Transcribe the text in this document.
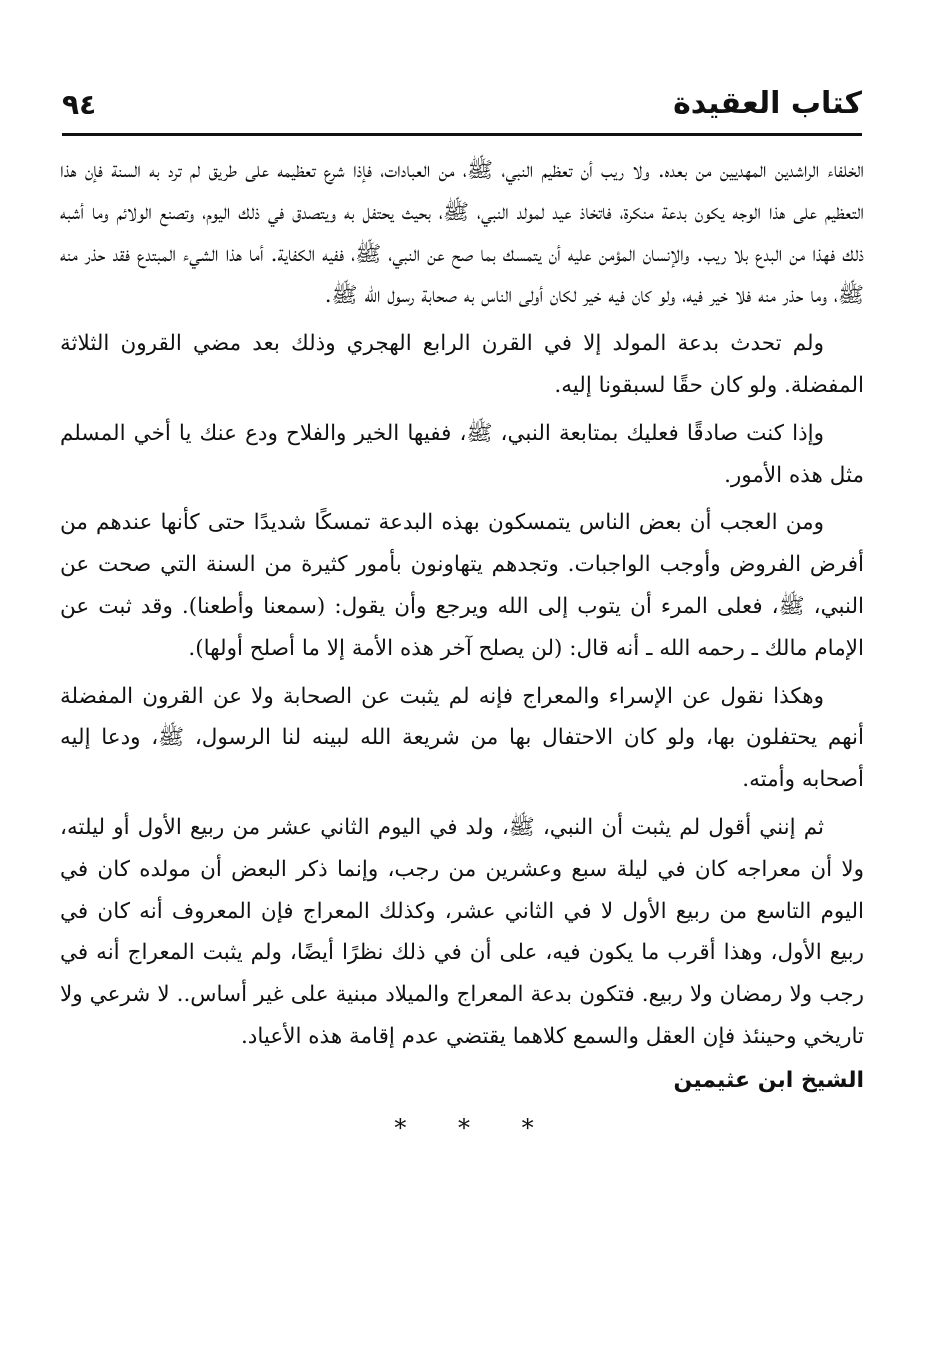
كتاب العقيدة
٩٤

الخلفاء الراشدين المهديين من بعده. ولا ريب أن تعظيم النبي، ﷺ، من العبادات، فإذا شرع تعظيمه على طريق لم ترد به السنة فإن هذا التعظيم على هذا الوجه يكون بدعة منكرة، فاتخاذ عيد لمولد النبي، ﷺ، بحيث يحتفل به ويتصدق في ذلك اليوم، وتصنع الولائم وما أشبه ذلك فهذا من البدع بلا ريب. والإنسان المؤمن عليه أن يتمسك بما صح عن النبي، ﷺ، ففيه الكفاية. أما هذا الشيء المبتدع فقد حذر منه ﷺ، وما حذر منه فلا خير فيه، ولو كان فيه خير لكان أولى الناس به صحابة رسول الله ﷺ.

ولم تحدث بدعة المولد إلا في القرن الرابع الهجري وذلك بعد مضي القرون الثلاثة المفضلة. ولو كان حقًا لسبقونا إليه.

وإذا كنت صادقًا فعليك بمتابعة النبي، ﷺ، ففيها الخير والفلاح ودع عنك يا أخي المسلم مثل هذه الأمور.

ومن العجب أن بعض الناس يتمسكون بهذه البدعة تمسكًا شديدًا حتى كأنها عندهم من أفرض الفروض وأوجب الواجبات. وتجدهم يتهاونون بأمور كثيرة من السنة التي صحت عن النبي، ﷺ، فعلى المرء أن يتوب إلى الله ويرجع وأن يقول: (سمعنا وأطعنا). وقد ثبت عن الإمام مالك ـ رحمه الله ـ أنه قال: (لن يصلح آخر هذه الأمة إلا ما أصلح أولها).

وهكذا نقول عن الإسراء والمعراج فإنه لم يثبت عن الصحابة ولا عن القرون المفضلة أنهم يحتفلون بها، ولو كان الاحتفال بها من شريعة الله لبينه لنا الرسول، ﷺ، ودعا إليه أصحابه وأمته.

ثم إنني أقول لم يثبت أن النبي، ﷺ، ولد في اليوم الثاني عشر من ربيع الأول أو ليلته، ولا أن معراجه كان في ليلة سبع وعشرين من رجب، وإنما ذكر البعض أن مولده كان في اليوم التاسع من ربيع الأول لا في الثاني عشر، وكذلك المعراج فإن المعروف أنه كان في ربيع الأول، وهذا أقرب ما يكون فيه، على أن في ذلك نظرًا أيضًا، ولم يثبت المعراج أنه في رجب ولا رمضان ولا ربيع. فتكون بدعة المعراج والميلاد مبنية على غير أساس.. لا شرعي ولا تاريخي وحينئذ فإن العقل والسمع كلاهما يقتضي عدم إقامة هذه الأعياد.

الشيخ ابن عثيمين
* * *
